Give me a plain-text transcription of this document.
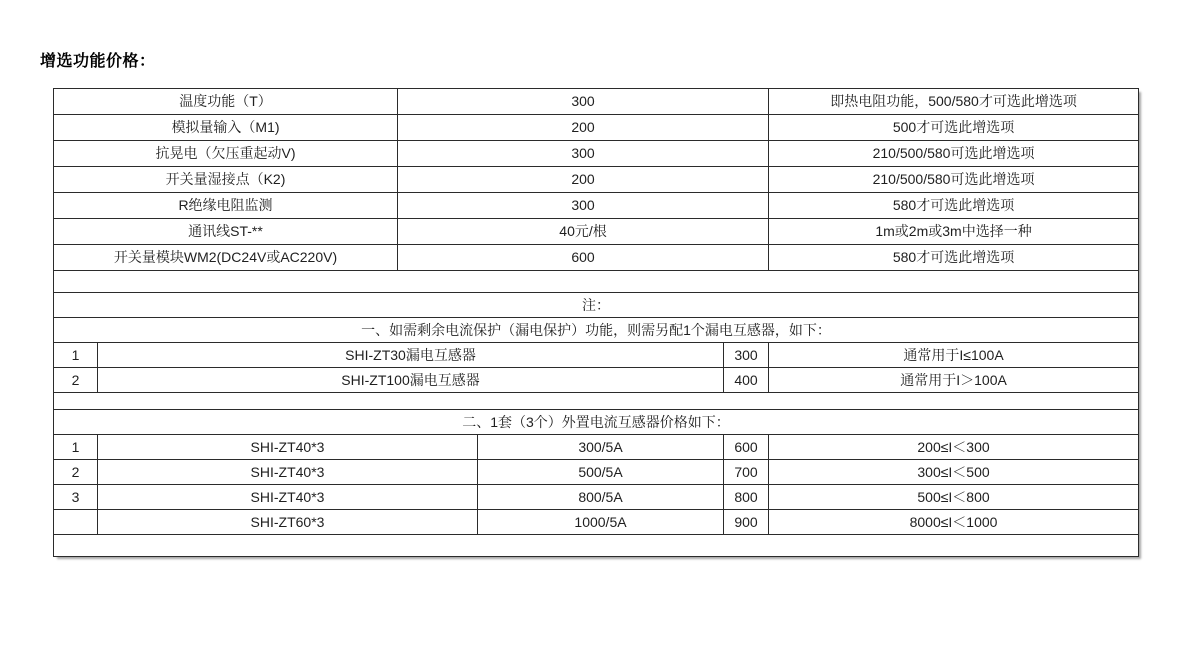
增选功能价格：
温度功能（T）		300			即热电阻功能，500/580才可选此增选项
模拟量输入（M1)		200			500才可选此增选项
抗晃电（欠压重起动V)		300			210/500/580可选此增选项
开关量湿接点（K2)		200			210/500/580可选此增选项
R绝缘电阻监测		300			580才可选此增选项
通讯线ST-**		40元/根			1m或2m或3m中选择一种
开关量模块WM2(DC24V或AC220V)		600			580才可选此增选项

注：					
一、如需剩余电流保护（漏电保护）功能，则需另配1个漏电互感器，如下：					
1	SHI-ZT30漏电互感器			300	通常用于I≤100A
2	SHI-ZT100漏电互感器			400	通常用于I＞100A

二、1套（3个）外置电流互感器价格如下：					
1	SHI-ZT40*3		300/5A	600	200≤I＜300
2	SHI-ZT40*3		500/5A	700	300≤I＜500
3	SHI-ZT40*3		800/5A	800	500≤I＜800
	SHI-ZT60*3		1000/5A	900	8000≤I＜1000
